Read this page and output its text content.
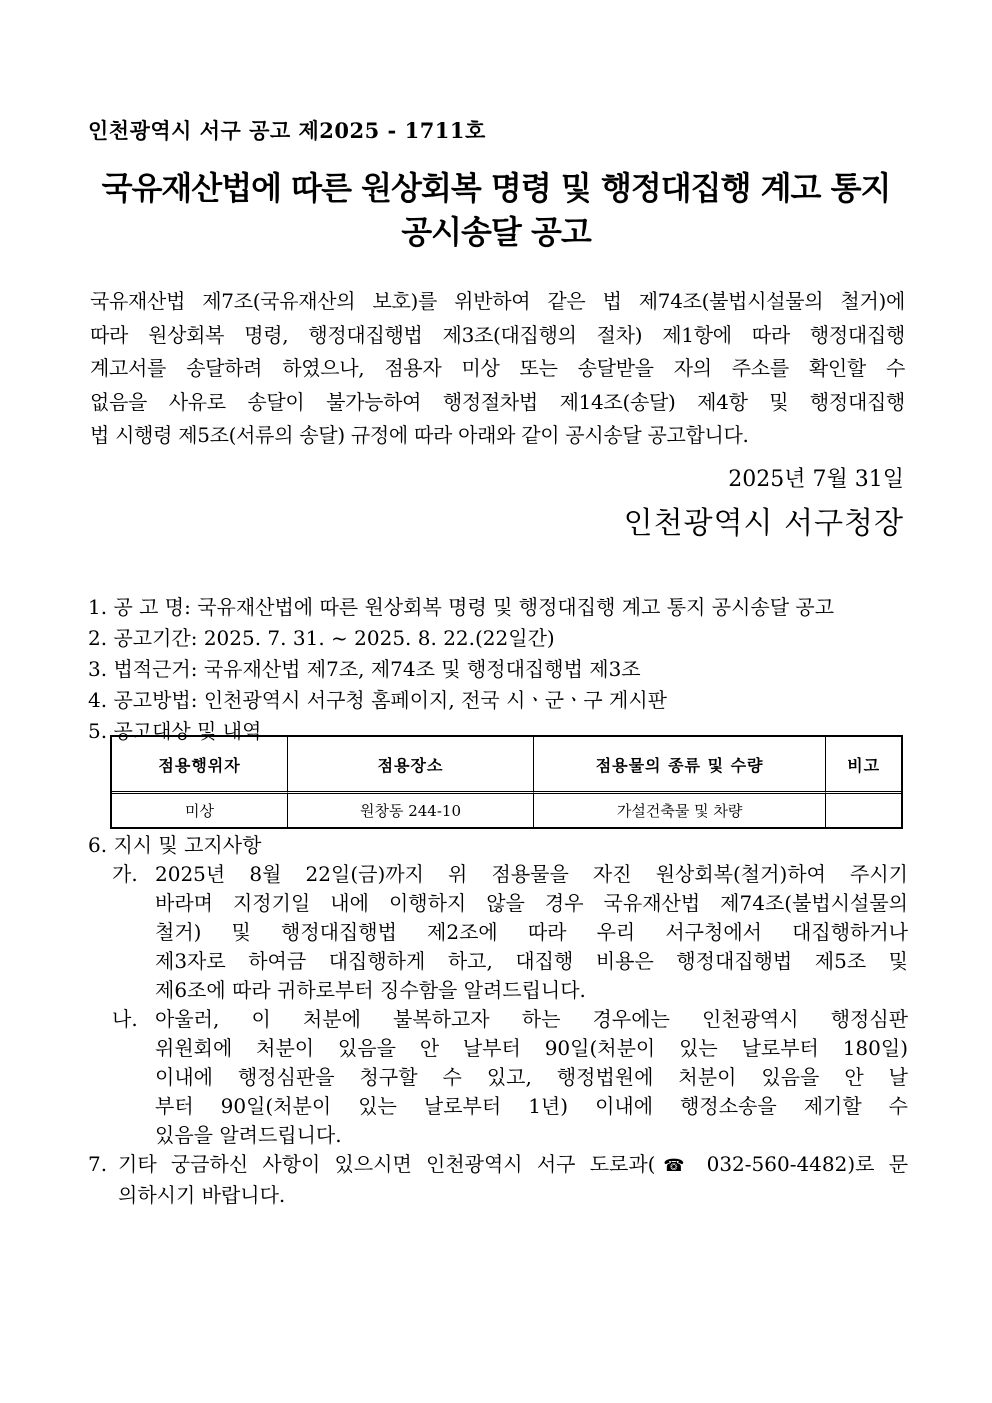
인천광역시 서구 공고 제2025 - 1711호
국유재산법에 따른 원상회복 명령 및 행정대집행 계고 통지
공시송달 공고
국유재산법 제7조(국유재산의 보호)를 위반하여 같은 법 제74조(불법시설물의 철거)에
따라 원상회복 명령, 행정대집행법 제3조(대집행의 절차) 제1항에 따라 행정대집행
계고서를 송달하려 하였으나, 점용자 미상 또는 송달받을 자의 주소를 확인할 수
없음을 사유로 송달이 불가능하여 행정절차법 제14조(송달) 제4항 및 행정대집행
법 시행령 제5조(서류의 송달) 규정에 따라 아래와 같이 공시송달 공고합니다.
2025년 7월 31일
인천광역시 서구청장
1. 공 고 명: 국유재산법에 따른 원상회복 명령 및 행정대집행 계고 통지 공시송달 공고
2. 공고기간: 2025. 7. 31. ~ 2025. 8. 22.(22일간)
3. 법적근거: 국유재산법 제7조, 제74조 및 행정대집행법 제3조
4. 공고방법: 인천광역시 서구청 홈페이지, 전국 시ㆍ군ㆍ구 게시판
5. 공고대상 및 내역
점용행위자	점용장소	점용물의 종류 및 수량	비고
미상	원창동 244-10	가설건축물 및 차량	
6. 지시 및 고지사항
가. 2025년 8월 22일(금)까지 위 점용물을 자진 원상회복(철거)하여 주시기
바라며 지정기일 내에 이행하지 않을 경우 국유재산법 제74조(불법시설물의
철거) 및 행정대집행법 제2조에 따라 우리 서구청에서 대집행하거나
제3자로 하여금 대집행하게 하고, 대집행 비용은 행정대집행법 제5조 및
제6조에 따라 귀하로부터 징수함을 알려드립니다.
나. 아울러, 이 처분에 불복하고자 하는 경우에는 인천광역시 행정심판
위원회에 처분이 있음을 안 날부터 90일(처분이 있는 날로부터 180일)
이내에 행정심판을 청구할 수 있고, 행정법원에 처분이 있음을 안 날
부터 90일(처분이 있는 날로부터 1년) 이내에 행정소송을 제기할 수
있음을 알려드립니다.
7. 기타 궁금하신 사항이 있으시면 인천광역시 서구 도로과(☎ 032-560-4482)로 문
의하시기 바랍니다.
